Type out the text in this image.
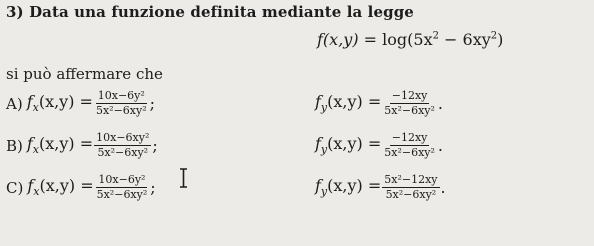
3) Data una funzione definita mediante la legge
$f(x,y) = \log(5x^2 - 6xy^2)$
si può affermare che
A) $f_x(x,y) = \frac{\text{10x−6y²}}{\text{5x²−6xy²}}$ ;	$f_y(x,y) = \frac{-12xy}{\text{5x²−6xy²}}$ .
B) $f_x(x,y) = \frac{\text{10x−6xy²}}{\text{5x²−6xy²}}$ ;	$f_y(x,y) = \frac{-12xy}{\text{5x²−6xy²}}$ .
C) $f_x(x,y) = \frac{\text{10x−6y²}}{\text{5x²−6xy²}}$ ;	$f_y(x,y) = \frac{\text{5x²−12xy}}{\text{5x²−6xy²}}$ .
